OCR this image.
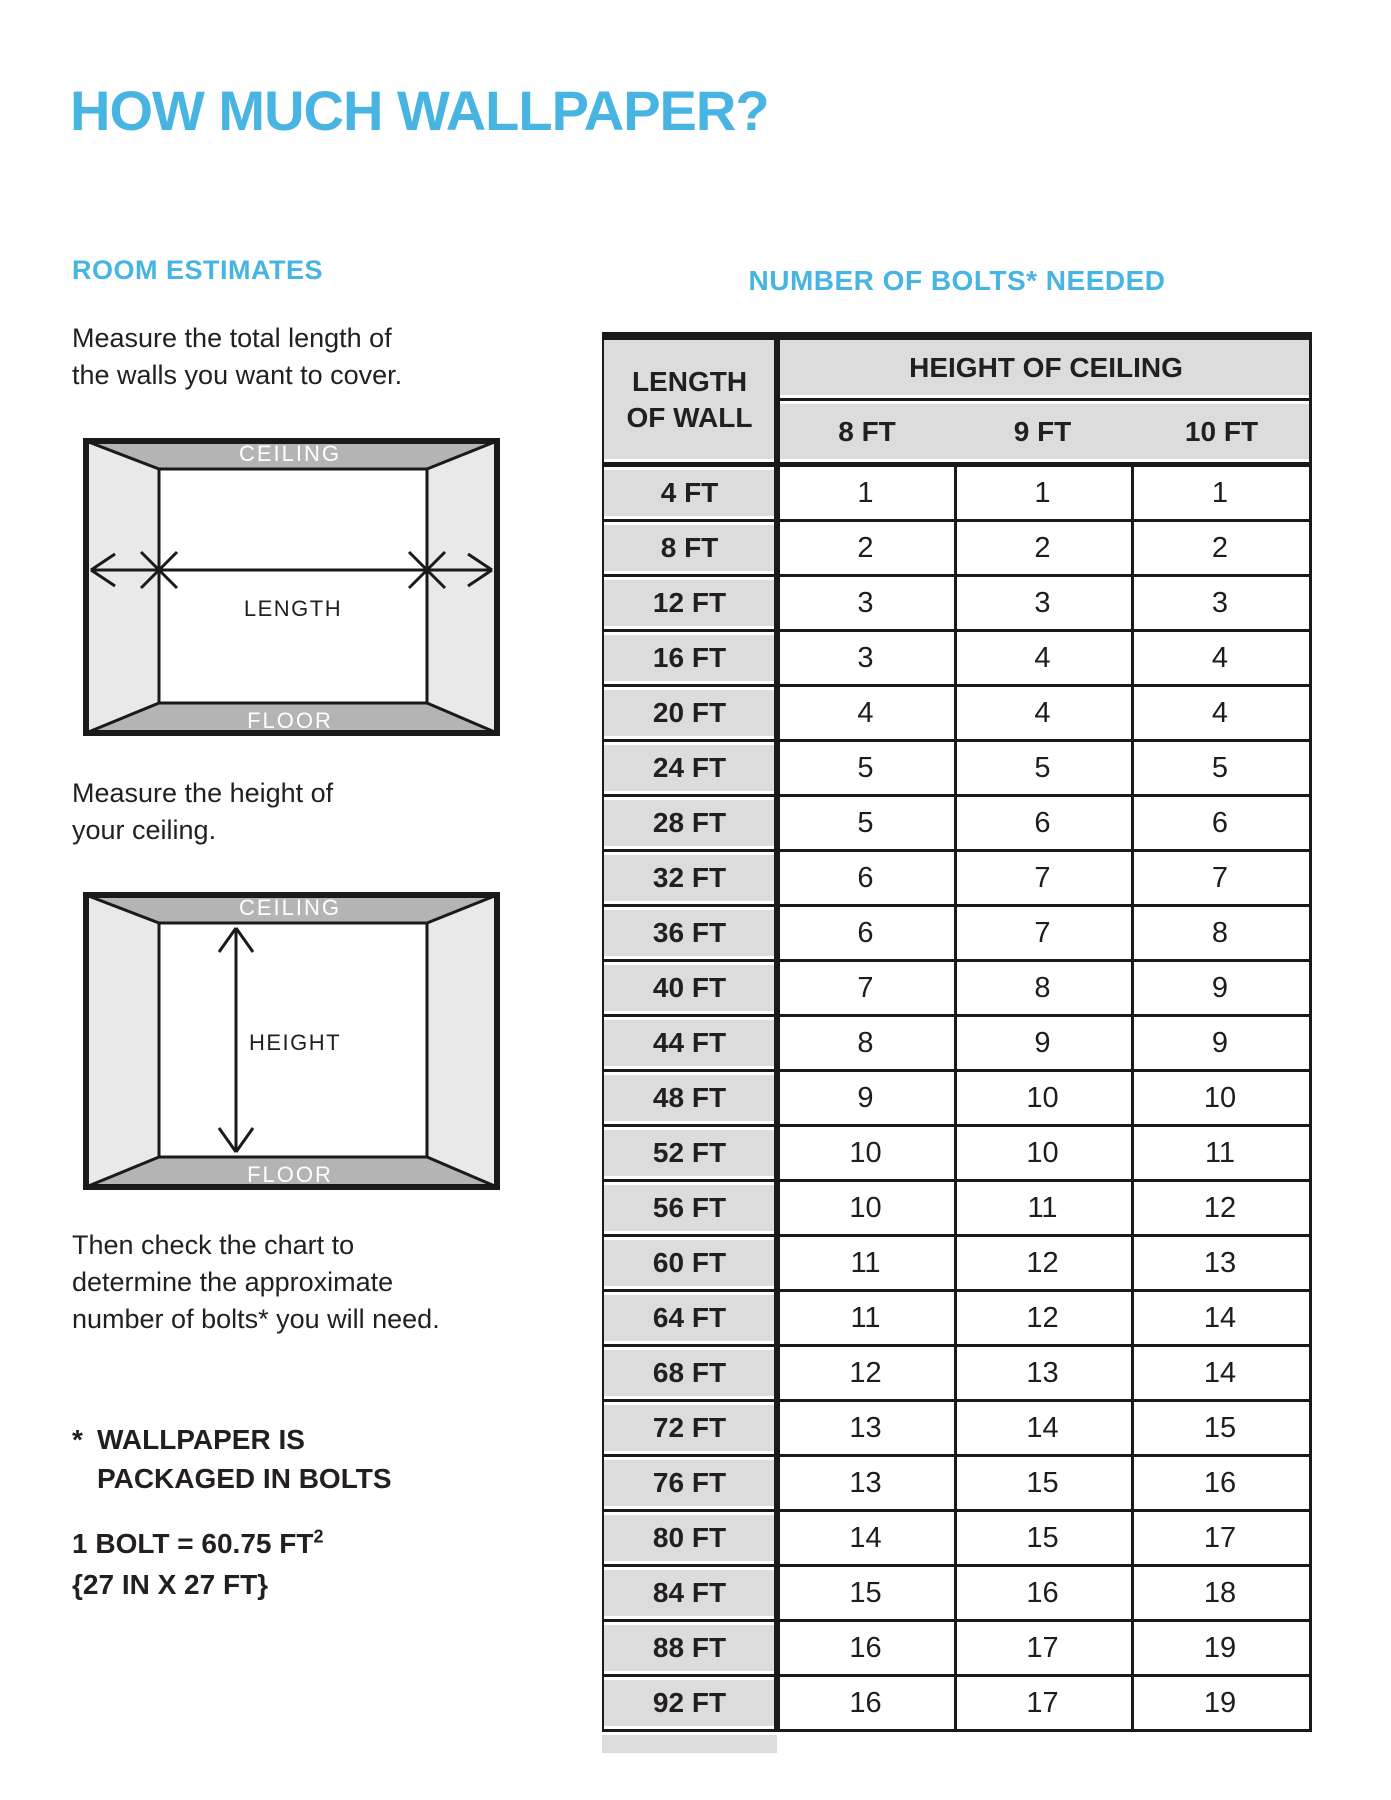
HOW MUCH WALLPAPER?
ROOM ESTIMATES

Measure the total length of
the walls you want to cover.

CEILING
FLOOR
LENGTH

Measure the height of
your ceiling.

CEILING
FLOOR
HEIGHT

Then check the chart to
determine the approximate
number of bolts* you will need.

* WALLPAPER IS
PACKAGED IN BOLTS
1 BOLT = 60.75 $FT^2$
{27 IN X 27 FT}
NUMBER OF BOLTS* NEEDED
LENGTH
OF WALL
HEIGHT OF CEILING
8 FT	9 FT	10 FT
4 FT	1	1	1
8 FT	2	2	2
12 FT	3	3	3
16 FT	3	4	4
20 FT	4	4	4
24 FT	5	5	5
28 FT	5	6	6
32 FT	6	7	7
36 FT	6	7	8
40 FT	7	8	9
44 FT	8	9	9
48 FT	9	10	10
52 FT	10	10	11
56 FT	10	11	12
60 FT	11	12	13
64 FT	11	12	14
68 FT	12	13	14
72 FT	13	14	15
76 FT	13	15	16
80 FT	14	15	17
84 FT	15	16	18
88 FT	16	17	19
92 FT	16	17	19
